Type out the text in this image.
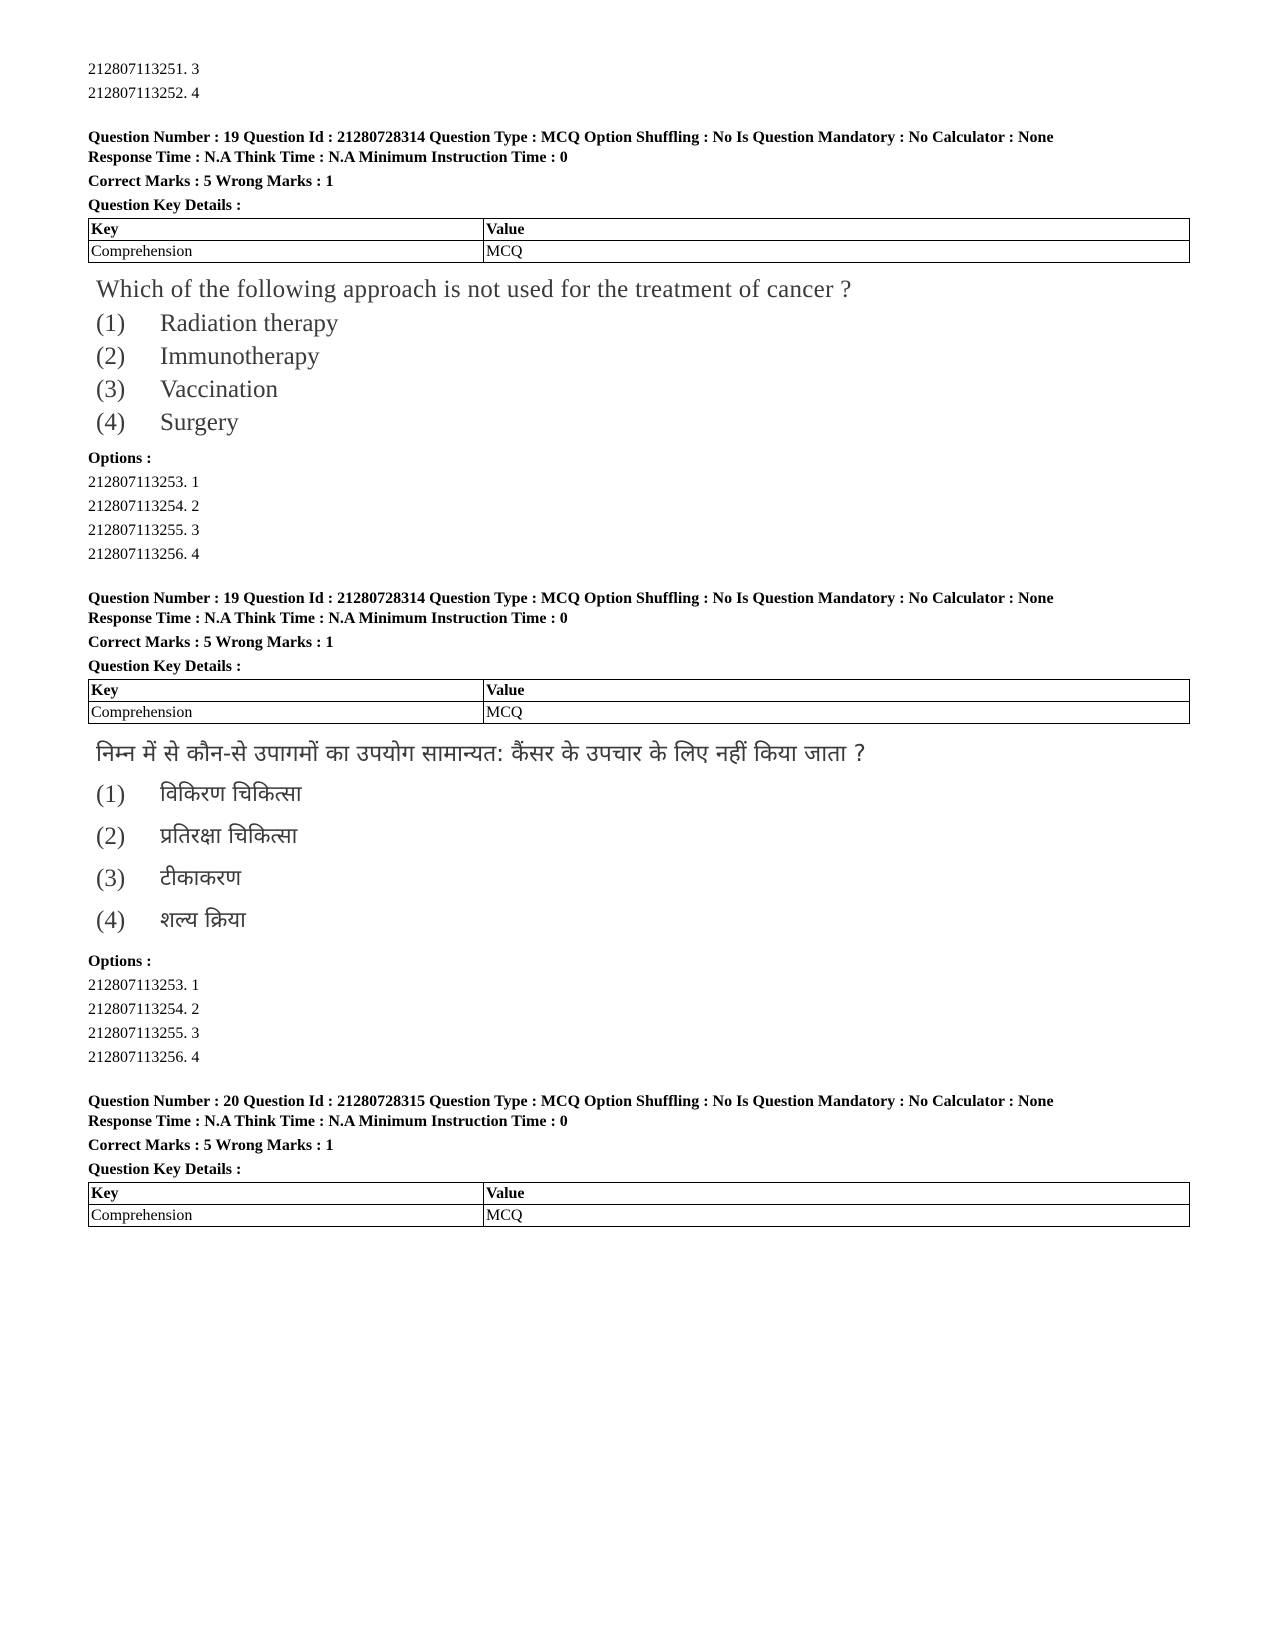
212807113251. 3
212807113252. 4
Question Number : 19 Question Id : 21280728314 Question Type : MCQ Option Shuffling : No Is Question Mandatory : No Calculator : None
Response Time : N.A Think Time : N.A Minimum Instruction Time : 0
Correct Marks : 5 Wrong Marks : 1
Question Key Details :
Key	Value
Comprehension	MCQ
Which of the following approach is not used for the treatment of cancer ?
(1)	Radiation therapy
(2)	Immunotherapy
(3)	Vaccination
(4)	Surgery
Options :
212807113253. 1
212807113254. 2
212807113255. 3
212807113256. 4
Question Number : 19 Question Id : 21280728314 Question Type : MCQ Option Shuffling : No Is Question Mandatory : No Calculator : None
Response Time : N.A Think Time : N.A Minimum Instruction Time : 0
Correct Marks : 5 Wrong Marks : 1
Question Key Details :
Key	Value
Comprehension	MCQ
निम्न में से कौन-से उपागमों का उपयोग सामान्यत: कैंसर के उपचार के लिए नहीं किया जाता ?
(1)	विकिरण चिकित्सा
(2)	प्रतिरक्षा चिकित्सा
(3)	टीकाकरण
(4)	शल्य क्रिया
Options :
212807113253. 1
212807113254. 2
212807113255. 3
212807113256. 4
Question Number : 20 Question Id : 21280728315 Question Type : MCQ Option Shuffling : No Is Question Mandatory : No Calculator : None
Response Time : N.A Think Time : N.A Minimum Instruction Time : 0
Correct Marks : 5 Wrong Marks : 1
Question Key Details :
Key	Value
Comprehension	MCQ
